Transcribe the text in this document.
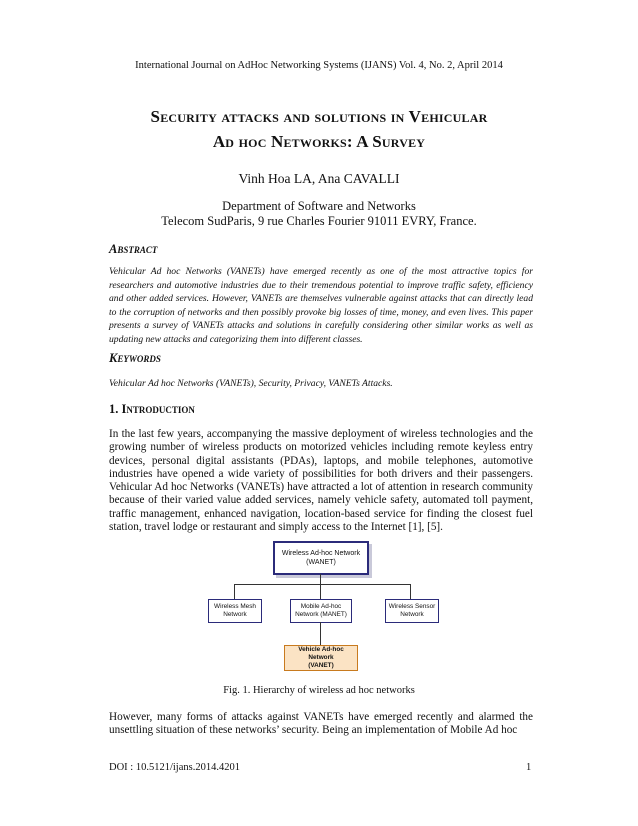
International Journal on AdHoc Networking Systems (IJANS) Vol. 4, No. 2, April 2014
Security attacks and solutions in Vehicular
Ad hoc Networks: A Survey
Vinh Hoa LA, Ana CAVALLI
Department of Software and Networks
Telecom SudParis, 9 rue Charles Fourier 91011 EVRY, France.
Abstract
Vehicular Ad hoc Networks (VANETs) have emerged recently as one of the most attractive topics for researchers and automotive industries due to their tremendous potential to improve traffic safety, efficiency and other added services. However, VANETs are themselves vulnerable against attacks that can directly lead to the corruption of networks and then possibly provoke big losses of time, money, and even lives. This paper presents a survey of VANETs attacks and solutions in carefully considering other similar works as well as updating new attacks and categorizing them into different classes.
Keywords
Vehicular Ad hoc Networks (VANETs), Security, Privacy, VANETs Attacks.
1. Introduction
In the last few years, accompanying the massive deployment of wireless technologies and the growing number of wireless products on motorized vehicles including remote keyless entry devices, personal digital assistants (PDAs), laptops, and mobile telephones, automotive industries have opened a wide variety of possibilities for both drivers and their passengers. Vehicular Ad hoc Networks (VANETs) have attracted a lot of attention in research community because of their varied value added services, namely vehicle safety, automated toll payment, traffic management, enhanced navigation, location-based service for finding the closest fuel station, travel lodge or restaurant and simply access to the Internet [1], [5].
Wireless Ad-hoc Network
(WANET)
Wireless Mesh
Network
Mobile Ad-hoc
Network (MANET)
Wireless Sensor
Network
Vehicle Ad-hoc Network
(VANET)
Fig. 1. Hierarchy of wireless ad hoc networks
However, many forms of attacks against VANETs have emerged recently and alarmed the unsettling situation of these networks’ security. Being an implementation of Mobile Ad hoc
DOI : 10.5121/ijans.2014.4201	1
